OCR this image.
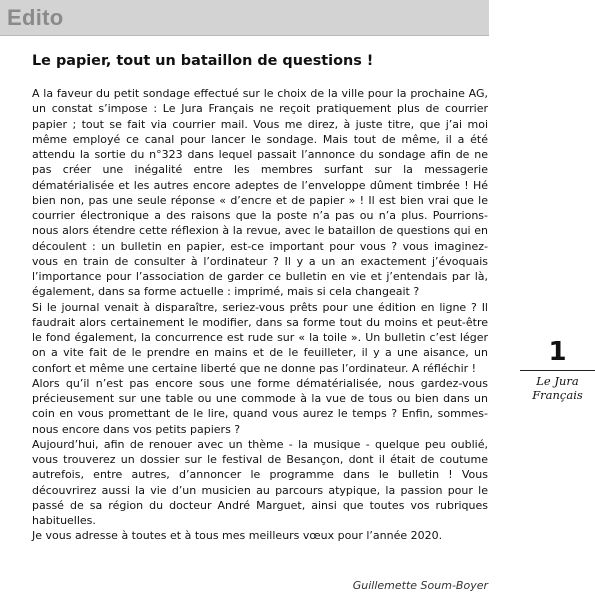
Edito
Le papier, tout un bataillon de questions !

A la faveur du petit sondage effectué sur le choix de la ville pour la prochaine AG, un constat s’impose : Le Jura Français ne reçoit pratiquement plus de courrier papier ; tout se fait via courrier mail. Vous me direz, à juste titre, que j’ai moi même employé ce canal pour lancer le sondage. Mais tout de même, il a été attendu la sortie du n°323 dans lequel passait l’annonce du sondage afin de ne pas créer une inégalité entre les membres surfant sur la messagerie dématérialisée et les autres encore adeptes de l’enveloppe dûment timbrée ! Hé bien non, pas une seule réponse « d’encre et de papier » ! Il est bien vrai que le courrier électronique a des raisons que la poste n’a pas ou n’a plus. Pourrions-nous alors étendre cette réflexion à la revue, avec le bataillon de questions qui en découlent : un bulletin en papier, est-ce important pour vous ? vous imaginez-vous en train de consulter à l’ordinateur ? Il y a un an exactement j’évoquais l’importance pour l’association de garder ce bulletin en vie et j’entendais par là, également, dans sa forme actuelle : imprimé, mais si cela changeait ?

Si le journal venait à disparaître, seriez-vous prêts pour une édition en ligne ? Il faudrait alors certainement le modifier, dans sa forme tout du moins et peut-être le fond également, la concurrence est rude sur « la toile ». Un bulletin c’est léger on a vite fait de le prendre en mains et de le feuilleter, il y a une aisance, un confort et même une certaine liberté que ne donne pas l’ordinateur. A réfléchir !

Alors qu’il n’est pas encore sous une forme dématérialisée, nous gardez-vous précieusement sur une table ou une commode à la vue de tous ou bien dans un coin en vous promettant de le lire, quand vous aurez le temps ? Enfin, sommes-nous encore dans vos petits papiers ?

Aujourd’hui, afin de renouer avec un thème - la musique - quelque peu oublié, vous trouverez un dossier sur le festival de Besançon, dont il était de coutume autrefois, entre autres, d’annoncer le programme dans le bulletin ! Vous découvrirez aussi la vie d’un musicien au parcours atypique, la passion pour le passé de sa région du docteur André Marguet, ainsi que toutes vos rubriques habituelles.

Je vous adresse à toutes et à tous mes meilleurs vœux pour l’année 2020.

Guillemette Soum-Boyer
1
Le Jura
Français
